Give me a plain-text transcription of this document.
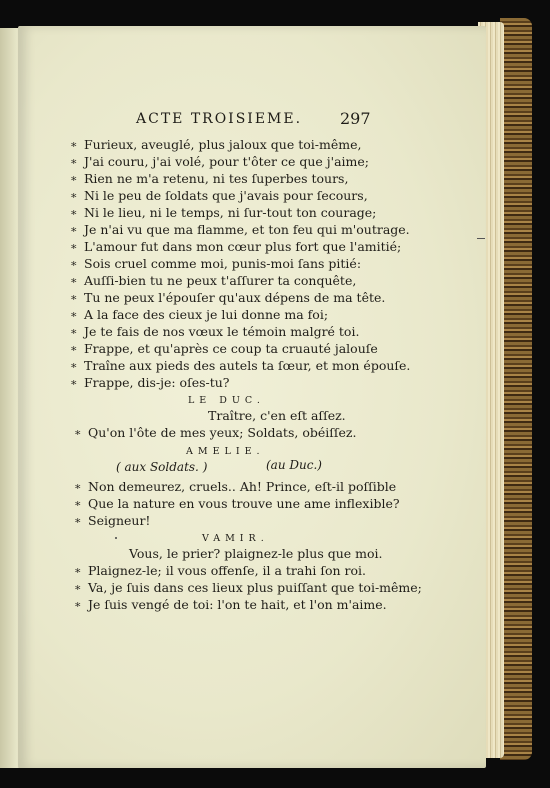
ACTE TROISIEME.	297
∗ Furieux, aveuglé, plus jaloux que toi-même,
∗ J'ai couru, j'ai volé, pour t'ôter ce que j'aime;
∗ Rien ne m'a retenu, ni tes ſuperbes tours,
∗ Ni le peu de ſoldats que j'avais pour ſecours,
∗ Ni le lieu, ni le temps, ni ſur-tout ton courage;
∗ Je n'ai vu que ma flamme, et ton feu qui m'outrage.
∗ L'amour fut dans mon cœur plus fort que l'amitié;
∗ Sois cruel comme moi, punis-moi ſans pitié:
∗ Auſſi-bien tu ne peux t'aſſurer ta conquête,
∗ Tu ne peux l'épouſer qu'aux dépens de ma tête.
∗ A la face des cieux je lui donne ma foi;
∗ Je te fais de nos vœux le témoin malgré toi.
∗ Frappe, et qu'après ce coup ta cruauté jalouſe
∗ Traîne aux pieds des autels ta ſœur, et mon épouſe.
∗ Frappe, dis-je: oſes-tu?
LE DUC.
Traître, c'en eſt aſſez.
∗ Qu'on l'ôte de mes yeux; Soldats, obéiſſez.
AMELIE.
( aux Soldats. )	(au Duc.)
∗ Non demeurez, cruels.. Ah! Prince, eſt-il poſſible
∗ Que la nature en vous trouve une ame inflexible?
∗ Seigneur!
VAMIR.
Vous, le prier? plaignez-le plus que moi.
∗ Plaignez-le; il vous offenſe, il a trahi ſon roi.
∗ Va, je ſuis dans ces lieux plus puiſſant que toi-même;
∗ Je ſuis vengé de toi: l'on te hait, et l'on m'aime.
